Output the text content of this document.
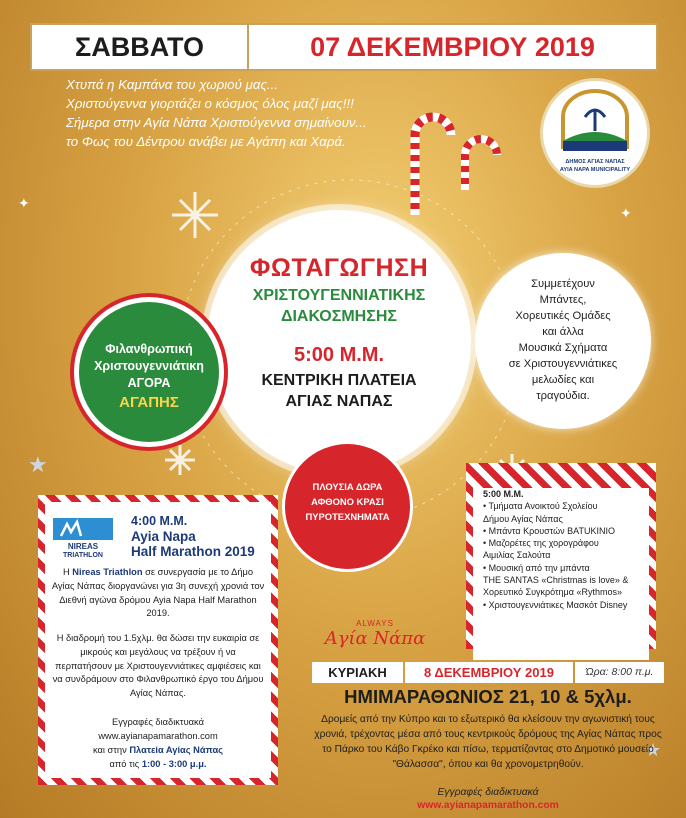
★
★
✦
✦
ΣΑΒΒΑΤΟ	07 ΔΕΚΕΜΒΡΙΟΥ 2019
Χτυπά η Καμπάνα του χωριού μας...
Χριστούγεννα γιορτάζει ο κόσμος όλος μαζί μας!!!
Σήμερα στην Αγία Νάπα Χριστούγεννα σημαίνουν...
το Φως του Δέντρου ανάβει με Αγάπη και Χαρά.
ΔΗΜΟΣ ΑΓΙΑΣ ΝΑΠΑΣ
AYIA NAPA MUNICIPALITY
ΦΩΤΑΓΩΓΗΣΗ
ΧΡΙΣΤΟΥΓΕΝΝΙΑΤΙΚΗΣ
ΔΙΑΚΟΣΜΗΣΗΣ
5:00 Μ.Μ.
ΚΕΝΤΡΙΚΗ ΠΛΑΤΕΙΑ
ΑΓΙΑΣ ΝΑΠΑΣ
Συμμετέχουν
Μπάντες,
Χορευτικές Ομάδες
και άλλα
Μουσικά Σχήματα
σε Χριστουγεννιάτικες
μελωδίες και
τραγούδια.
Φιλανθρωπική
Χριστουγεννιάτικη
ΑΓΟΡΑ
ΑΓΑΠΗΣ
ΠΛΟΥΣΙΑ ΔΩΡΑ
ΑΦΘΟΝΟ ΚΡΑΣΙ
ΠΥΡΟΤΕΧΝΗΜΑΤΑ
NIREAS
TRIATHLON
4:00 Μ.Μ.
Ayia Napa
Half Marathon 2019
Η Nireas Triathlon σε συνεργασία με το Δήμο Αγίας Νάπας διοργανώνει για 3η συνεχή χρονιά τον Διεθνή αγώνα δρόμου Ayia Napa Half Marathon 2019.
Η διαδρομή του 1.5χλμ. θα δώσει την ευκαιρία σε μικρούς και μεγάλους να τρέξουν ή να περπατήσουν με Χριστουγεννιάτικες αμφιέσεις και να συνδράμουν στο Φιλανθρωπικό έργο του Δήμου Αγίας Νάπας.
Εγγραφές διαδικτυακά
www.ayianapamarathon.com
και στην Πλατεία Αγίας Νάπας
από τις 1:00 - 3:00 μ.μ.
5:00 Μ.Μ.
• Τμήματα Ανοικτού Σχολείου
Δήμου Αγίας Νάπας
• Μπάντα Κρουστών BATUKINIO
• Μαζορέτες της χορογράφου
Αιμιλίας Σαλούτα
• Μουσική από την μπάντα
THE SANTAS «Christmas is love» &
Χορευτικό Συγκρότημα «Rythmos»
• Χριστουγεννιάτικες Μασκότ Disney
ALWAYS
Αγία Νάπα
ΚΥΡΙΑΚΗ	8 ΔΕΚΕΜΒΡΙΟΥ 2019	Ώρα: 8:00 π.μ.
ΗΜΙΜΑΡΑΘΩΝΙΟΣ 21, 10 & 5χλμ.
Δρομείς από την Κύπρο και το εξωτερικό θα κλείσουν την αγωνιστική τους χρονιά, τρέχοντας μέσα από τους κεντρικούς δρόμους της Αγίας Νάπας προς το Πάρκο του Κάβο Γκρέκο και πίσω, τερματίζοντας στο Δημοτικό μουσείο "Θάλασσα", όπου και θα χρονομετρηθούν.
Εγγραφές διαδικτυακά
www.ayianapamarathon.com
